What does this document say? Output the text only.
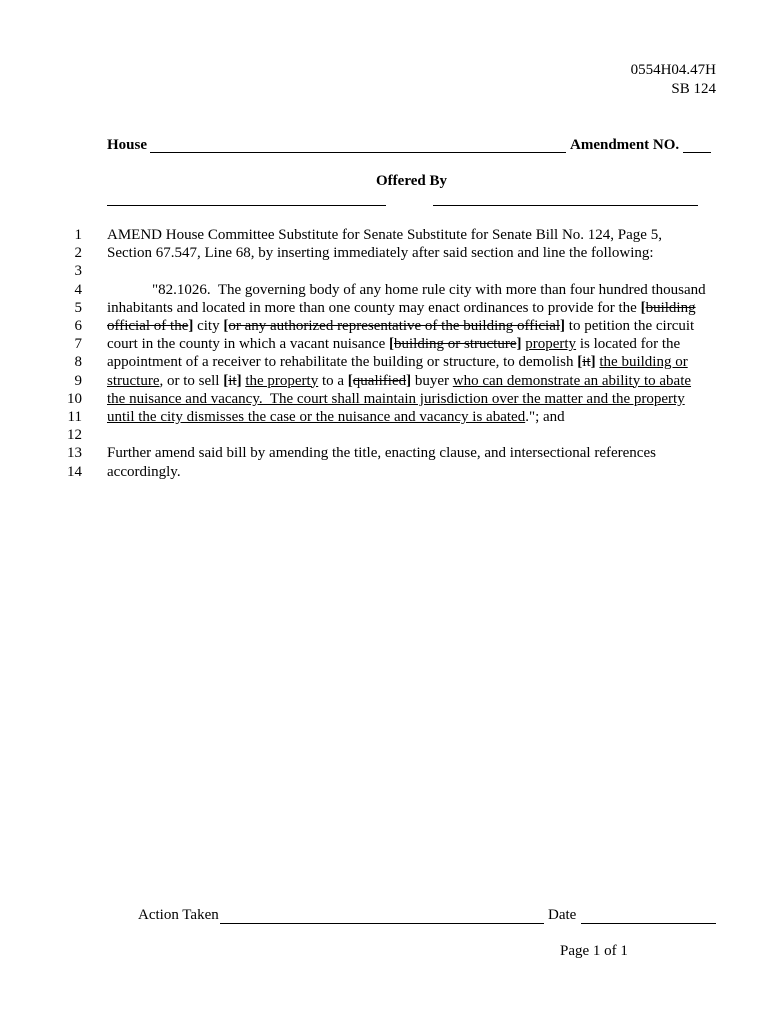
0554H04.47H
SB 124
House	Amendment NO.
Offered By
1 AMEND House Committee Substitute for Senate Substitute for Senate Bill No. 124, Page 5,
2 Section 67.547, Line 68, by inserting immediately after said section and line the following:
3
4	"82.1026.  The governing body of any home rule city with more than four hundred thousand
5 inhabitants and located in more than one county may enact ordinances to provide for the [building
6 official of the] city [or any authorized representative of the building official] to petition the circuit
7 court in the county in which a vacant nuisance [building or structure] property is located for the
8 appointment of a receiver to rehabilitate the building or structure, to demolish [it] the building or
9 structure, or to sell [it] the property to a [qualified] buyer who can demonstrate an ability to abate
10 the nuisance and vacancy.  The court shall maintain jurisdiction over the matter and the property
11 until the city dismisses the case or the nuisance and vacancy is abated."; and
12
13 Further amend said bill by amending the title, enacting clause, and intersectional references
14 accordingly.
Action Taken	Date
Page 1 of 1
